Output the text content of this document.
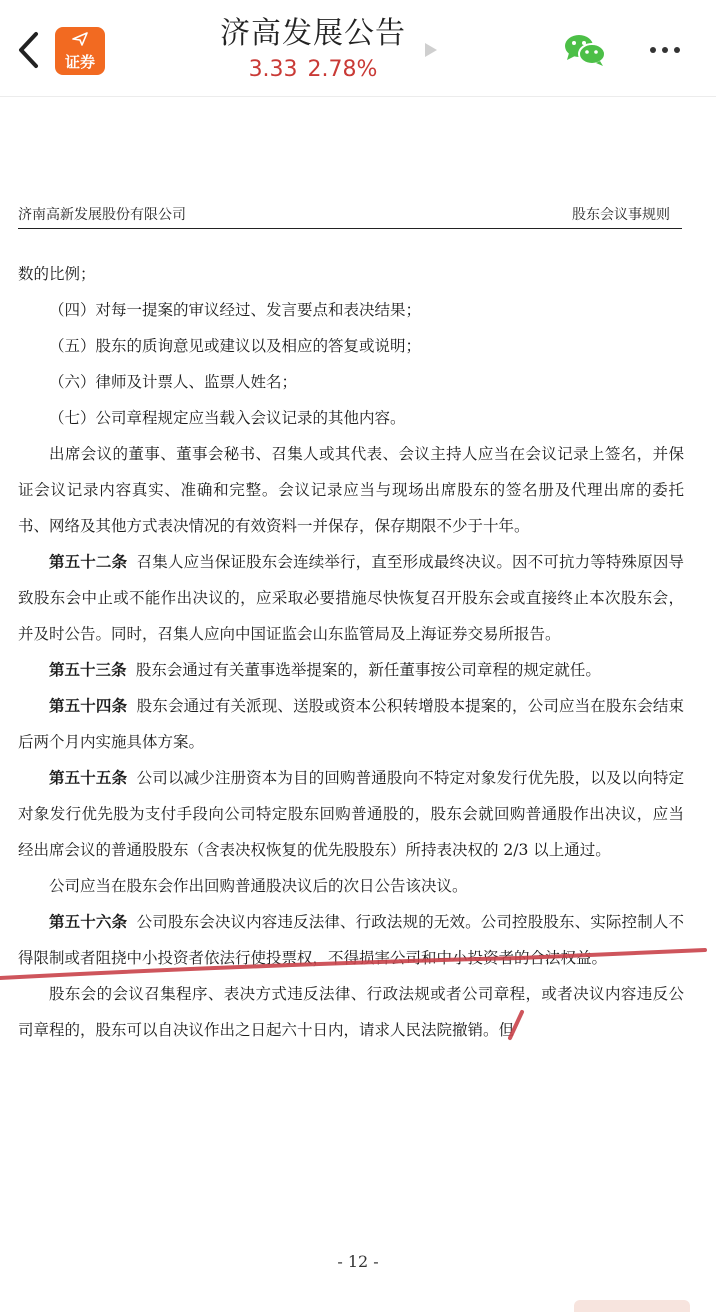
证券
济高发展公告
3.33 2.78%
济南高新发展股份有限公司	股东会议事规则

数的比例；

（四）对每一提案的审议经过、发言要点和表决结果；

（五）股东的质询意见或建议以及相应的答复或说明；

（六）律师及计票人、监票人姓名；

（七）公司章程规定应当载入会议记录的其他内容。

出席会议的董事、董事会秘书、召集人或其代表、会议主持人应当在会议记录上签名，并保证会议记录内容真实、准确和完整。会议记录应当与现场出席股东的签名册及代理出席的委托书、网络及其他方式表决情况的有效资料一并保存，保存期限不少于十年。

第五十二条 召集人应当保证股东会连续举行，直至形成最终决议。因不可抗力等特殊原因导致股东会中止或不能作出决议的，应采取必要措施尽快恢复召开股东会或直接终止本次股东会，并及时公告。同时，召集人应向中国证监会山东监管局及上海证券交易所报告。

第五十三条 股东会通过有关董事选举提案的，新任董事按公司章程的规定就任。

第五十四条 股东会通过有关派现、送股或资本公积转增股本提案的，公司应当在股东会结束后两个月内实施具体方案。

第五十五条 公司以减少注册资本为目的回购普通股向不特定对象发行优先股，以及以向特定对象发行优先股为支付手段向公司特定股东回购普通股的，股东会就回购普通股作出决议，应当经出席会议的普通股股东（含表决权恢复的优先股股东）所持表决权的 2/3 以上通过。

公司应当在股东会作出回购普通股决议后的次日公告该决议。

第五十六条 公司股东会决议内容违反法律、行政法规的无效。公司控股股东、实际控制人不得限制或者阻挠中小投资者依法行使投票权，不得损害公司和中小投资者的合法权益。

股东会的会议召集程序、表决方式违反法律、行政法规或者公司章程，或者决议内容违反公司章程的，股东可以自决议作出之日起六十日内，请求人民法院撤销。但

- 12 -
